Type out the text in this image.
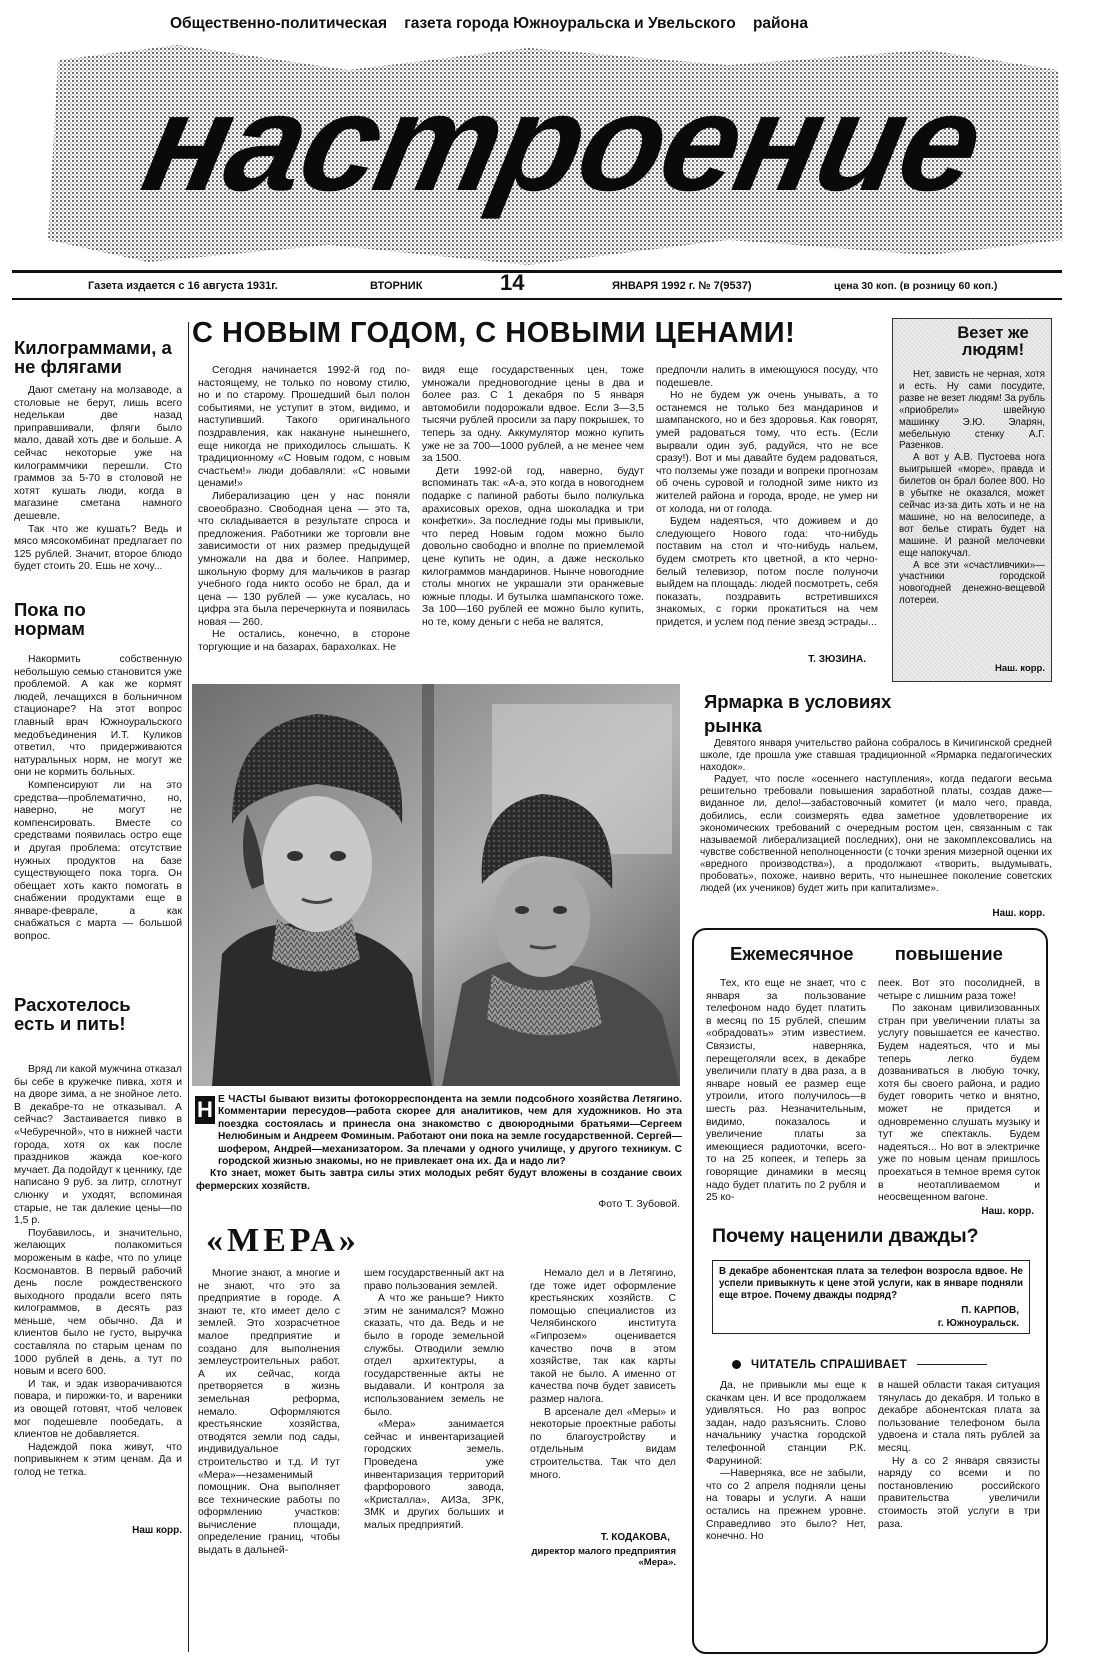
Общественно-политическая    газета города Южноуральска и Увельского    района
настроение
Газета издается с 16 августа 1931г.	ВТОРНИК	14	ЯНВАРЯ 1992 г. № 7(9537)	цена 30 коп. (в розницу 60 коп.)
Килограммами, а не флягами

Дают сметану на молзаводе, а столовые не берут, лишь всего неделькаи две назад приправшивали, фляги было мало, давай хоть две и больше. А сейчас некоторые уже на килограммчики перешли. Сто граммов за 5-70 в столовой не хотят кушать люди, когда в магазине сметана намного дешевле.

Так что же кушать? Ведь и мясо мясокомбинат предлагает по 125 рублей. Значит, второе блюдо будет стоить 20. Ешь не хочу...

Пока по нормам

Накормить собственную небольшую семью становится уже проблемой. А как же кормят людей, лечащихся в больничном стационаре? На этот вопрос главный врач Южноуральского медобъединения И.Т. Куликов ответил, что придерживаются натуральных норм, не могут же они не кормить больных.

Компенсируют ли на это средства—проблематично, но, наверно, не могут не компенсировать. Вместе со средствами появилась остро еще и другая проблема: отсутствие нужных продуктов на базе существующего пока торга. Он обещает хоть както помогать в снабжении продуктами еще в январе-феврале, а как снабжаться с марта — большой вопрос.

Расхотелось есть и пить!

Вряд ли какой мужчина отказал бы себе в кружечке пивка, хотя и на дворе зима, а не знойное лето. В декабре-то не отказывал. А сейчас? Застаивается пивко в «Чебуречной», что в нижней части города, хотя ох как после праздников жажда кое-кого мучает. Да подойдут к ценнику, где написано 9 руб. за литр, сглотнут слюнку и уходят, вспоминая старые, не так далекие цены—по 1,5 р.

Поубавилось, и значительно, желающих полакомиться мороженым в кафе, что по улице Космонавтов. В первый рабочий день после рождественского выходного продали всего пять килограммов, в десять раз меньше, чем обычно. Да и клиентов было не густо, выручка составляла по старым ценам по 1000 рублей в день, а тут по новым и всего 600.

И так, и эдак изворачиваются повара, и пирожки-то, и вареники из овощей готовят, чтоб человек мог подешевле пообедать, а клиентов не добавляется.

Надеждой пока живут, что попривыкнем к этим ценам. Да и голод не тетка.

Наш корр.
С НОВЫМ ГОДОМ, С НОВЫМИ ЦЕНАМИ!

Сегодня начинается 1992-й год по-настоящему, не только по новому стилю, но и по старому. Прошедший был полон событиями, не уступит в этом, видимо, и наступивший. Такого оригинального поздравления, как накануне нынешнего, еще никогда не приходилось слышать. К традиционному «С Новым годом, с новым счастьем!» люди добавляли: «С новыми ценами!»

Либерализацию цен у нас поняли своеобразно. Свободная цена — это та, что складывается в результате спроса и предложения. Работники же торговли вне зависимости от них размер предыдущей умножали на два и более. Например, школьную форму для мальчиков в разгар учебного года никто особо не брал, да и цена — 130 рублей — уже кусалась, но цифра эта была перечеркнута и появилась новая — 260.

Не остались, конечно, в стороне торгующие и на базарах, барахолках. Не

видя еще государственных цен, тоже умножали предновогодние цены в два и более раз. С 1 декабря по 5 января автомобили подорожали вдвое. Если 3—3,5 тысячи рублей просили за пару покрышек, то теперь за одну. Аккумулятор можно купить уже не за 700—1000 рублей, а не менее чем за 1500.

Дети 1992-ой год, наверно, будут вспоминать так: «А-а, это когда в новогоднем подарке с папиной работы было полкулька арахисовых орехов, одна шоколадка и три конфетки». За последние годы мы привыкли, что перед Новым годом можно было довольно свободно и вполне по приемлемой цене купить не один, а даже несколько килограммов мандаринов. Нынче новогодние столы многих не украшали эти оранжевые южные плоды. И бутылка шампанского тоже. За 100—160 рублей ее можно было купить, но те, кому деньги с неба не валятся,

предпочли налить в имеющуюся посуду, что подешевле.

Но не будем уж очень унывать, а то останемся не только без мандаринов и шампанского, но и без здоровья. Как говорят, умей радоваться тому, что есть. (Если вырвали один зуб, радуйся, что не все сразу!). Вот и мы давайте будем радоваться, что полземы уже позади и вопреки прогнозам об очень суровой и голодной зиме никто из жителей района и города, вроде, не умер ни от холода, ни от голода.

Будем надеяться, что доживем и до следующего Нового года: что-нибудь поставим на стол и что-нибудь нальем, будем смотреть кто цветной, а кто черно-белый телевизор, потом после полуночи выйдем на площадь: людей посмотреть, себя показать, поздравить встретившихся знакомых, с горки прокатиться на чем придется, и услем под пение звезд эстрады...

Т. ЗЮЗИНА.
Везет же людям!

Нет, зависть не черная, хотя и есть. Ну сами посудите, разве не везет людям! За рубль «приобрели» швейную машинку Э.Ю. Эларян, мебельную стенку А.Г. Разенков.

А вот у А.В. Пустоева нога выигрышей «море», правда и билетов он брал более 800. Но в убытке не оказался, может сейчас из-за дить хоть и не на машине, но на велосипеде, а вот белье стирать будет на машине. И разной мелочевки еще напокучал.

А все эти «счастливчики»—участники городской новогодней денежно-вещевой лотереи.

Наш. корр.
Ярмарка в условиях рынка

Девятого января учительство района собралось в Кичигинской средней школе, где прошла уже ставшая традиционной «Ярмарка педагогических находок».

Радует, что после «осеннего наступления», когда педагоги весьма решительно требовали повышения заработной платы, создав даже—виданное ли, дело!—забастовочный комитет (и мало чего, правда, добились, если соизмерять едва заметное удовлетворение их экономических требований с очередным ростом цен, связанным с так называемой либерализацией последних), они не закомплексовались на чувстве собственной неполноценности (с точки зрения мизерной оценки их «вредного производства»), а продолжают «творить, выдумывать, пробовать», похоже, наивно верить, что нынешнее поколение советских людей (их учеников) будет жить при капитализме».

Наш. корр.
Н Е ЧАСТЫ бывают визиты фотокорреспондента на земли подсобного хозяйства Летягино. Комментарии пересудов—работа скорее для аналитиков, чем для художников. Но эта поездка состоялась и принесла она знакомство с двоюродными братьями—Сергеем Нелюбиным и Андреем Фоминым. Работают они пока на земле государственной. Сергей—шофером, Андрей—механизатором. За плечами у одного училище, у другого техникум. С городской жизнью знакомы, но не привлекает она их. Да и надо ли?

Кто знает, может быть завтра силы этих молодых ребят будут вложены в создание своих фермерских хозяйств.

Фото Т. Зубовой.
«МЕРА»

Многие знают, а многие и не знают, что это за предприятие в городе. А знают те, кто имеет дело с землей. Это хозрасчетное малое предприятие и создано для выполнения землеустроительных работ. А их сейчас, когда претворяется в жизнь земельная реформа, немало. Оформляются крестьянские хозяйства, отводятся земли под сады, индивидуальное строительство и т.д. И тут «Мера»—незаменимый помощник. Она выполняет все технические работы по оформлению участков: вычисление площади, определение границ, чтобы выдать в дальней-

шем государственный акт на право пользования землей.

А что же раньше? Никто этим не занимался? Можно сказать, что да. Ведь и не было в городе земельной службы. Отводили землю отдел архитектуры, а государственные акты не выдавали. И контроля за использованием земель не было.

«Мера» занимается сейчас и инвентаризацией городских земель. Проведена уже инвентаризация территорий фарфорового завода, «Кристалла», АИЗа, ЗРК, ЗМК и других больших и малых предприятий.

Немало дел и в Летягино, где тоже идет оформление крестьянских хозяйств. С помощью специалистов из Челябинского института «Гипрозем» оценивается качество почв в этом хозяйстве, так как карты такой не было. А именно от качества почв будет зависеть размер налога.

В арсенале дел «Меры» и некоторые проектные работы по благоустройству и отдельным видам строительства. Так что дел много.

Т. КОДАКОВА,
директор малого предприятия «Мера».
Ежемесячное повышение

Тех, кто еще не знает, что с января за пользование телефоном надо будет платить в месяц по 15 рублей, спешим «обрадовать» этим известием. Связисты, наверняка, перещеголяли всех, в декабре увеличили плату в два раза, а в январе новый ее размер еще утроили, итого получилось—в шесть раз. Незначительным, видимо, показалось и увеличение платы за имеющиеся радиоточки, всего-то на 25 копеек, и теперь за говорящие динамики в месяц надо будет платить по 2 рубля и 25 ко-

пеек. Вот это посолидней, в четыре с лишним раза тоже!

По законам цивилизованных стран при увеличении платы за услугу повышается ее качество. Будем надеяться, что и мы теперь легко будем дозваниваться в любую точку, хотя бы своего района, и радио будет говорить четко и внятно, может не придется и одновременно слушать музыку и тут же спектакль. Будем надеяться... Но вот в электричке уже по новым ценам пришлось проехаться в темное время суток в неотапливаемом и неосвещенном вагоне.

Наш. корр.
Почему наценили дважды?
В декабре абонентская плата за телефон возросла вдвое. Не успели привыкнуть к цене этой услуги, как в январе подняли еще втрое. Почему дважды подряд?
П. КАРПОВ,
г. Южноуральск.
ЧИТАТЕЛЬ СПРАШИВАЕТ

Да, не привыкли мы еще к скачкам цен. И все продолжаем удивляться. Но раз вопрос задан, надо разъяснить. Слово начальнику участка городской телефонной станции Р.К. Фаруниной:

—Наверняка, все не забыли, что со 2 апреля подняли цены на товары и услуги. А наши остались на прежнем уровне. Справедливо это было? Нет, конечно. Но

в нашей области такая ситуация тянулась до декабря. И только в декабре абонентская плата за пользование телефоном была удвоена и стала пять рублей за месяц.

Ну а со 2 января связисты наряду со всеми и по постановлению российского правительства увеличили стоимость этой услуги в три раза.
